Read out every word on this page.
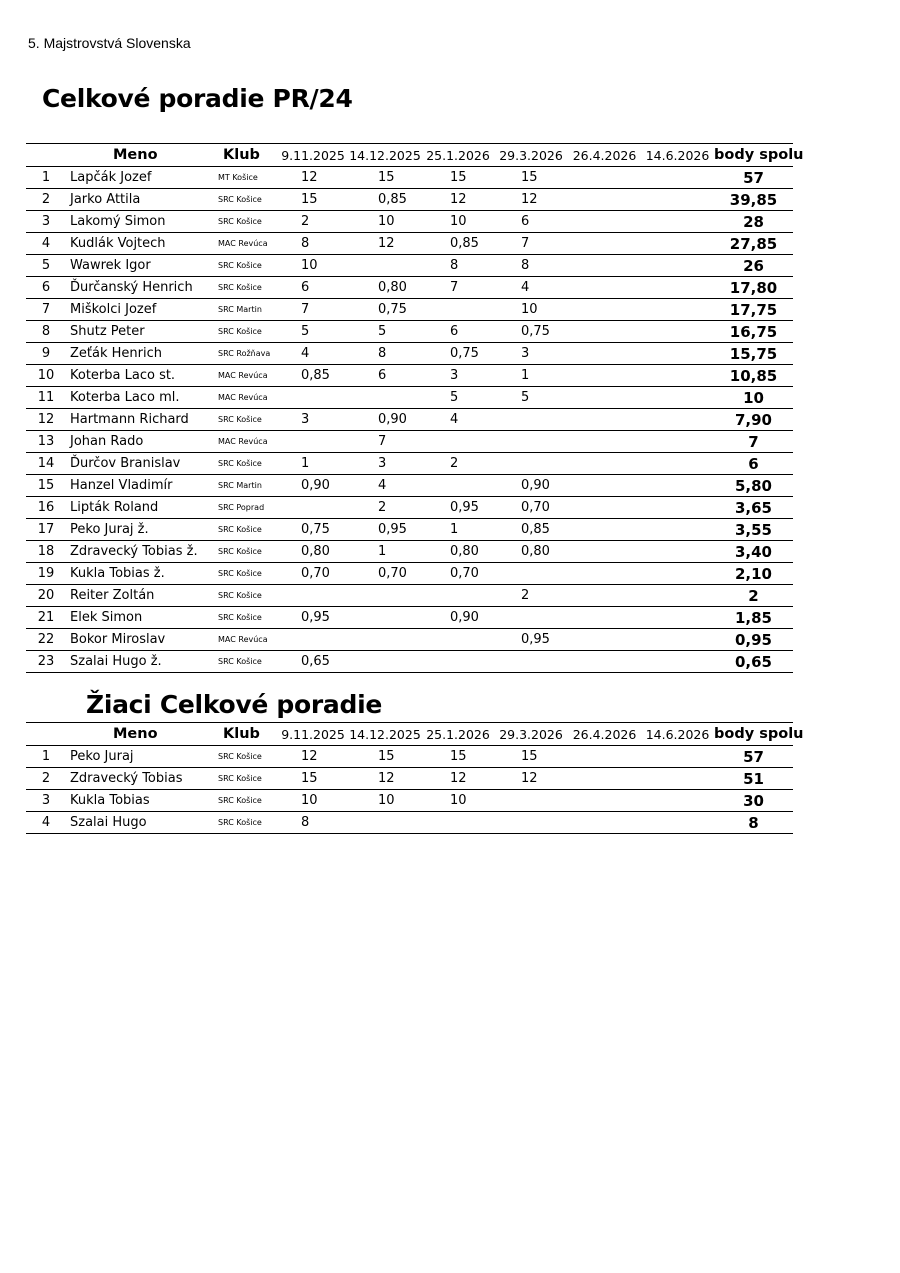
5. Majstrovstvá Slovenska
Celkové poradie PR/24
	Meno	Klub	9.11.2025	14.12.2025	25.1.2026	29.3.2026	26.4.2026	14.6.2026	body spolu
1	Lapčák Jozef	MT Košice	12	15	15	15			57
2	Jarko Attila	SRC Košice	15	0,85	12	12			39,85
3	Lakomý Simon	SRC Košice	2	10	10	6			28
4	Kudlák Vojtech	MAC Revúca	8	12	0,85	7			27,85
5	Wawrek Igor	SRC Košice	10		8	8			26
6	Ďurčanský Henrich	SRC Košice	6	0,80	7	4			17,80
7	Miškolci Jozef	SRC Martin	7	0,75		10			17,75
8	Shutz Peter	SRC Košice	5	5	6	0,75			16,75
9	Zeťák Henrich	SRC Rožňava	4	8	0,75	3			15,75
10	Koterba Laco st.	MAC Revúca	0,85	6	3	1			10,85
11	Koterba Laco ml.	MAC Revúca			5	5			10
12	Hartmann Richard	SRC Košice	3	0,90	4				7,90
13	Johan Rado	MAC Revúca		7					7
14	Ďurčov Branislav	SRC Košice	1	3	2				6
15	Hanzel Vladimír	SRC Martin	0,90	4		0,90			5,80
16	Lipták Roland	SRC Poprad		2	0,95	0,70			3,65
17	Peko Juraj ž.	SRC Košice	0,75	0,95	1	0,85			3,55
18	Zdravecký Tobias ž.	SRC Košice	0,80	1	0,80	0,80			3,40
19	Kukla Tobias ž.	SRC Košice	0,70	0,70	0,70				2,10
20	Reiter Zoltán	SRC Košice				2			2
21	Elek Simon	SRC Košice	0,95		0,90				1,85
22	Bokor Miroslav	MAC Revúca				0,95			0,95
23	Szalai Hugo ž.	SRC Košice	0,65						0,65
Žiaci Celkové poradie
	Meno	Klub	9.11.2025	14.12.2025	25.1.2026	29.3.2026	26.4.2026	14.6.2026	body spolu
1	Peko Juraj	SRC Košice	12	15	15	15			57
2	Zdravecký Tobias	SRC Košice	15	12	12	12			51
3	Kukla Tobias	SRC Košice	10	10	10				30
4	Szalai Hugo	SRC Košice	8						8
